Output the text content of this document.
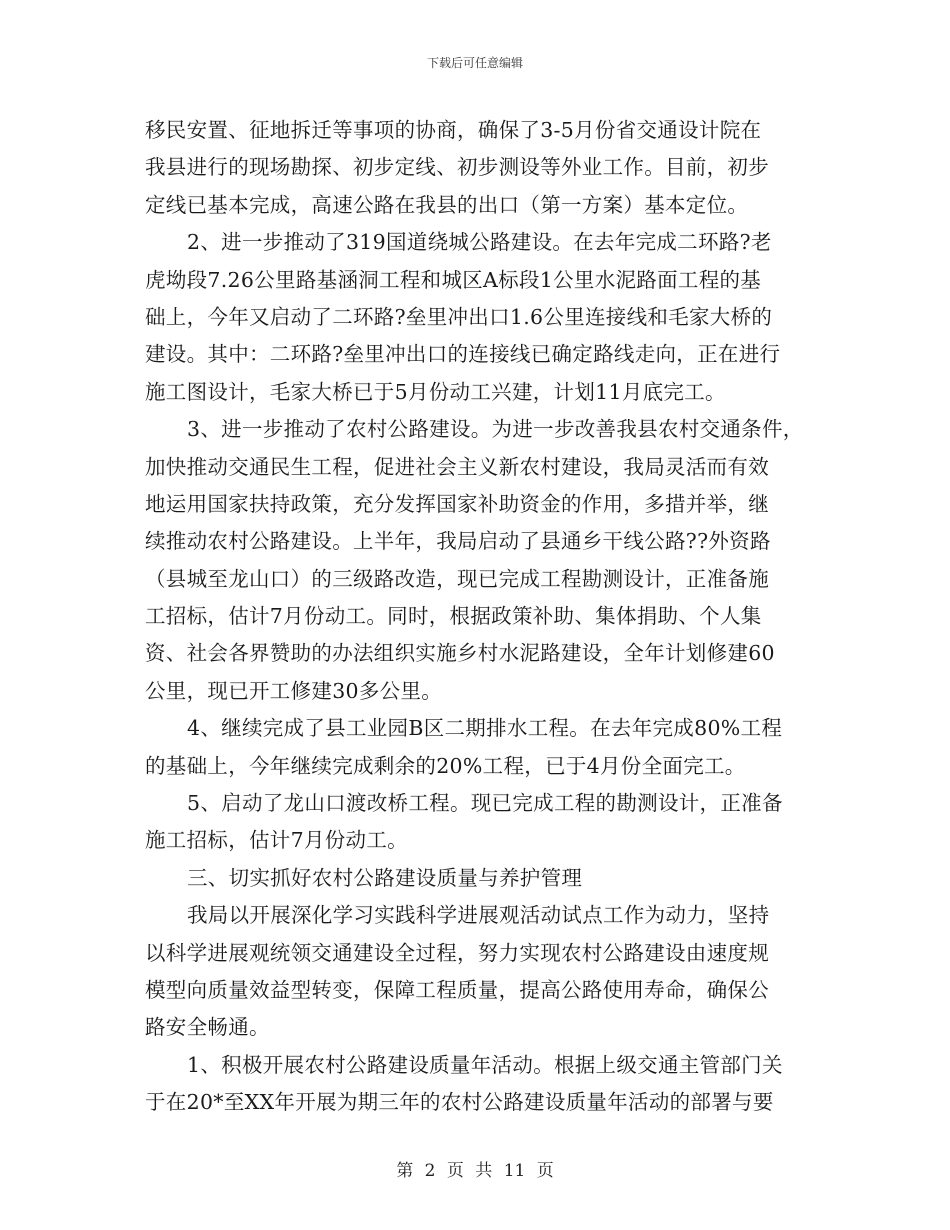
下载后可任意编辑
移民安置、征地拆迁等事项的协商，确保了3-5月份省交通设计院在
我县进行的现场勘探、初步定线、初步测设等外业工作。目前，初步
定线已基本完成，高速公路在我县的出口（第一方案）基本定位。
2、进一步推动了319国道绕城公路建设。在去年完成二环路?老
虎坳段7.26公里路基涵洞工程和城区A标段1公里水泥路面工程的基
础上，今年又启动了二环路?垒里冲出口1.6公里连接线和毛家大桥的
建设。其中：二环路?垒里冲出口的连接线已确定路线走向，正在进行
施工图设计，毛家大桥已于5月份动工兴建，计划11月底完工。
3、进一步推动了农村公路建设。为进一步改善我县农村交通条件，
加快推动交通民生工程，促进社会主义新农村建设，我局灵活而有效
地运用国家扶持政策，充分发挥国家补助资金的作用，多措并举，继
续推动农村公路建设。上半年，我局启动了县通乡干线公路??外资路
（县城至龙山口）的三级路改造，现已完成工程勘测设计，正准备施
工招标，估计7月份动工。同时，根据政策补助、集体捐助、个人集
资、社会各界赞助的办法组织实施乡村水泥路建设，全年计划修建60
公里，现已开工修建30多公里。
4、继续完成了县工业园B区二期排水工程。在去年完成80%工程
的基础上，今年继续完成剩余的20%工程，已于4月份全面完工。
5、启动了龙山口渡改桥工程。现已完成工程的勘测设计，正准备
施工招标，估计7月份动工。
三、切实抓好农村公路建设质量与养护管理
我局以开展深化学习实践科学进展观活动试点工作为动力，坚持
以科学进展观统领交通建设全过程，努力实现农村公路建设由速度规
模型向质量效益型转变，保障工程质量，提高公路使用寿命，确保公
路安全畅通。
1、积极开展农村公路建设质量年活动。根据上级交通主管部门关
于在20*至XX年开展为期三年的农村公路建设质量年活动的部署与要
第 2 页 共 11 页
